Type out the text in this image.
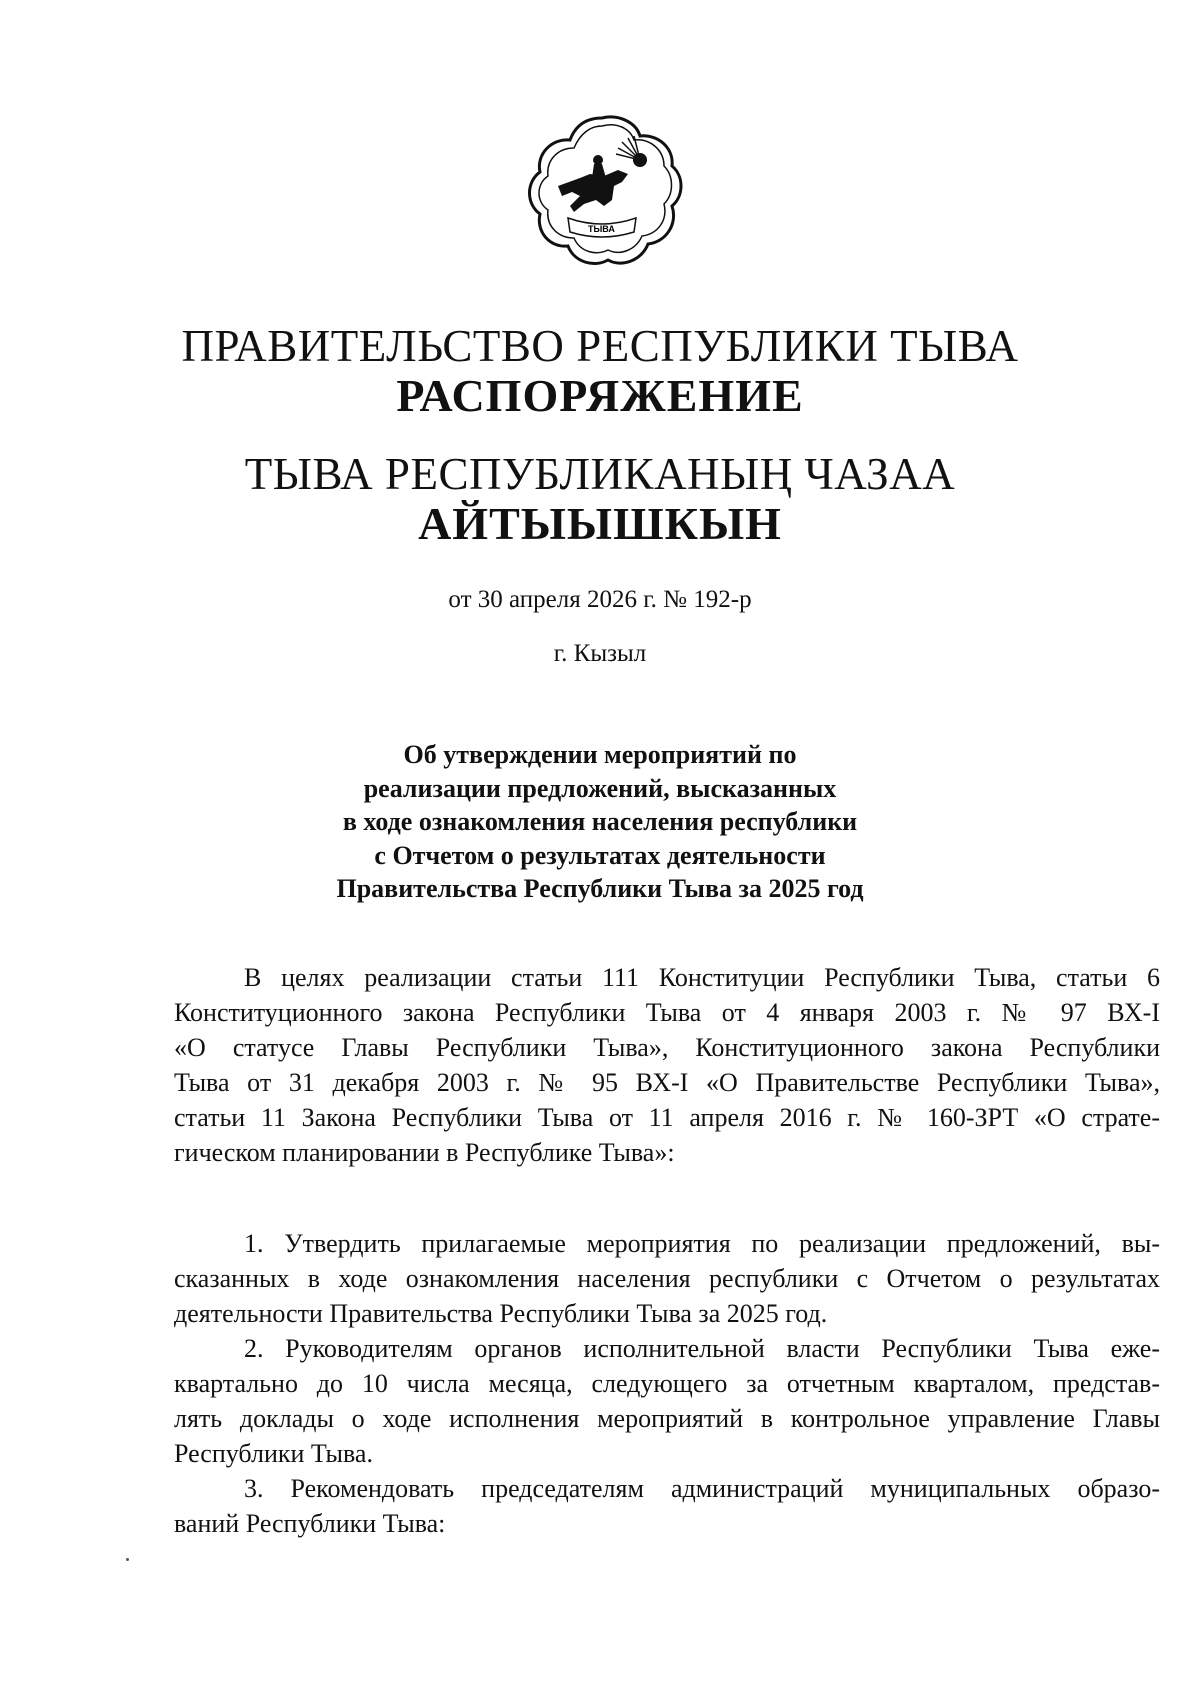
ТЫВА
ПРАВИТЕЛЬСТВО РЕСПУБЛИКИ ТЫВА
РАСПОРЯЖЕНИЕ
ТЫВА РЕСПУБЛИКАНЫҢ ЧАЗАА
АЙТЫЫШКЫН
от 30 апреля 2026 г. № 192-р
г. Кызыл
Об утверждении мероприятий по
реализации предложений, высказанных
в ходе ознакомления населения республики
с Отчетом о результатах деятельности
Правительства Республики Тыва за 2025 год
В целях реализации статьи 111 Конституции Республики Тыва, статьи 6
Конституционного закона Республики Тыва от 4 января 2003 г. № 97 ВХ-I
«О статусе Главы Республики Тыва», Конституционного закона Республики
Тыва от 31 декабря 2003 г. № 95 ВХ-I «О Правительстве Республики Тыва»,
статьи 11 Закона Республики Тыва от 11 апреля 2016 г. № 160-ЗРТ «О страте-
гическом планировании в Республике Тыва»:
1. Утвердить прилагаемые мероприятия по реализации предложений, вы-
сказанных в ходе ознакомления населения республики с Отчетом о результатах
деятельности Правительства Республики Тыва за 2025 год.
2. Руководителям органов исполнительной власти Республики Тыва еже-
квартально до 10 числа месяца, следующего за отчетным кварталом, представ-
лять доклады о ходе исполнения мероприятий в контрольное управление Главы
Республики Тыва.
3. Рекомендовать председателям администраций муниципальных образо-
ваний Республики Тыва:
